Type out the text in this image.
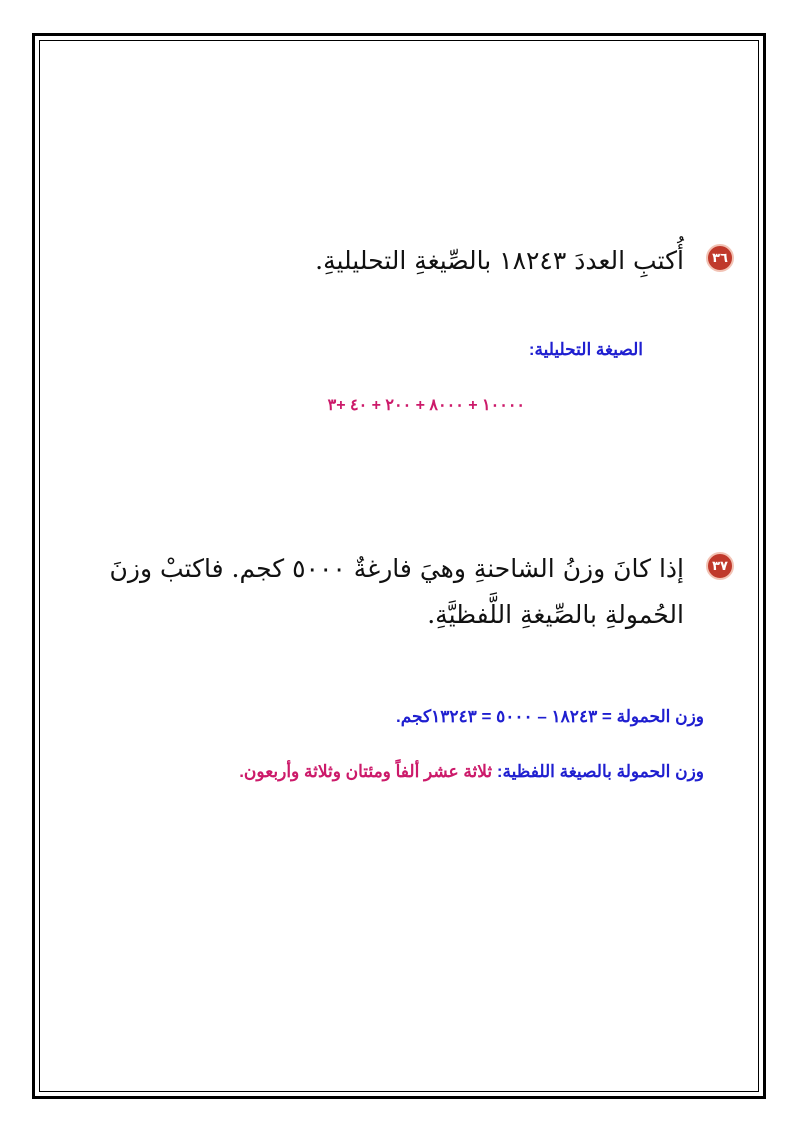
٣٦
أُكتبِ العددَ ١٨٢٤٣ بالصِّيغةِ التحليليةِ.
الصيغة التحليلية:
١٠٠٠٠ + ٨٠٠٠ + ٢٠٠ + ٤٠ +٣
٣٧
إذا كانَ وزنُ الشاحنةِ وهيَ فارغةٌ ٥٠٠٠ كجم. فاكتبْ وزنَ
الحُمولةِ بالصِّيغةِ اللَّفظيَّةِ.
وزن الحمولة = ١٨٢٤٣ – ٥٠٠٠ = ١٣٢٤٣كجم.
وزن الحمولة بالصيغة اللفظية: ثلاثة عشر ألفاً ومئتان وثلاثة وأربعون.
